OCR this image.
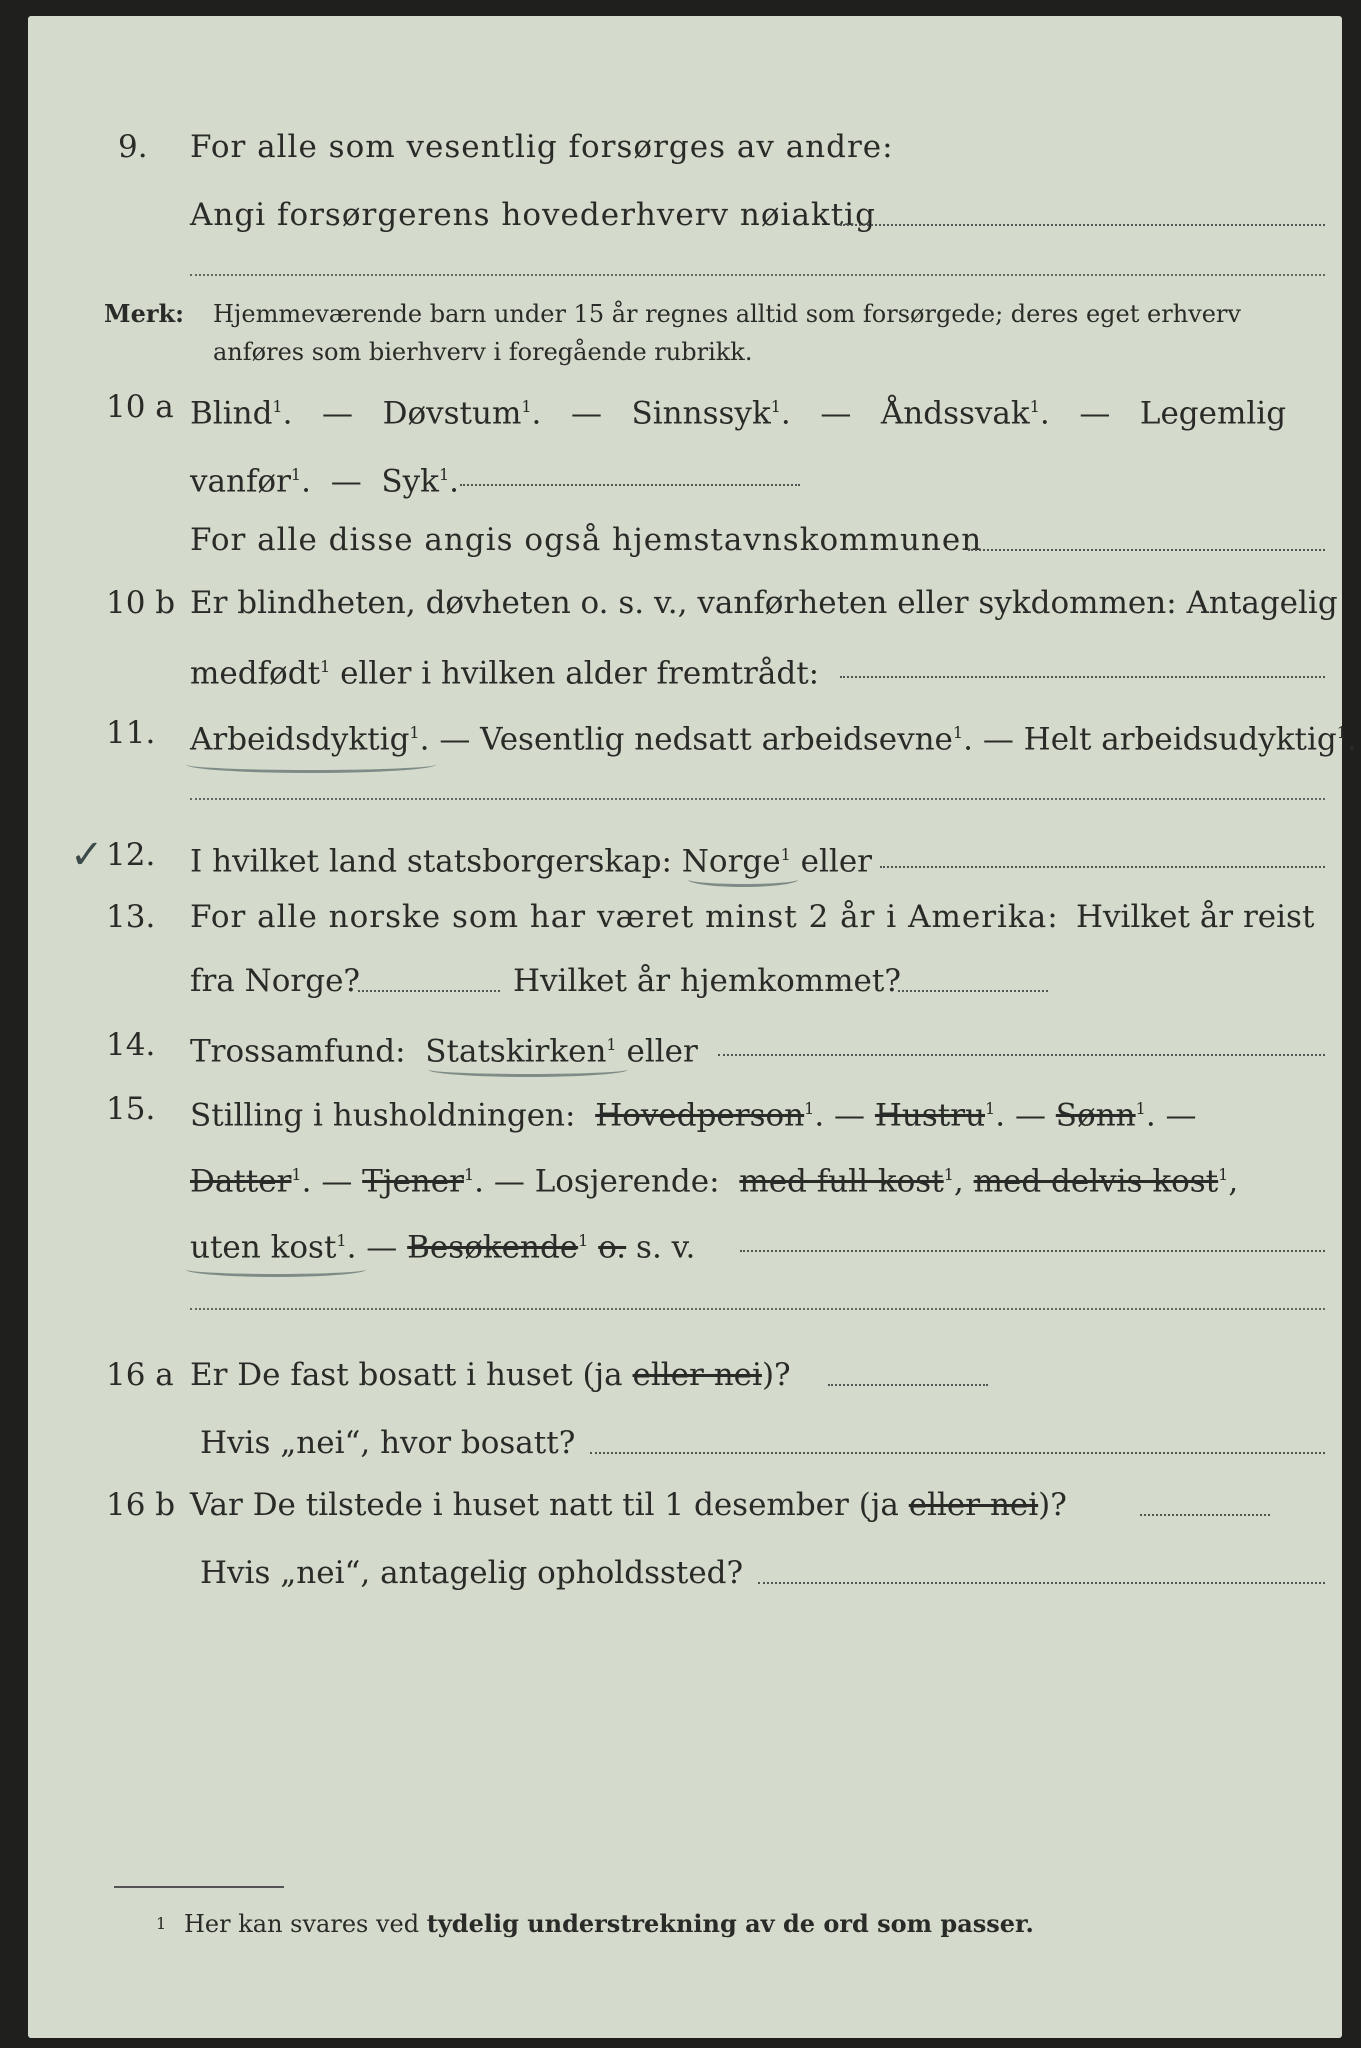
9.	For alle som vesentlig forsørges av andre:
Angi forsørgerens hovederhverv nøiaktig
Merk: Hjemmeværende barn under 15 år regnes alltid som forsørgede; deres eget erhverv
anføres som bierhverv i foregående rubrikk.
10 a Blind$^1$. — Døvstum$^1$. — Sinnssyk$^1$. — Åndssvak$^1$. — Legemlig
vanfør$^1$. — Syk$^1$.
For alle disse angis også hjemstavnskommunen
10 b Er blindheten, døvheten o. s. v., vanførheten eller sykdommen: Antagelig
medfødt$^1$ eller i hvilken alder fremtrådt:
11.	Arbeidsdyktig$^1$. — Vesentlig nedsatt arbeidsevne$^1$. — Helt arbeidsudyktig$^1$.
✓ 12.	I hvilket land statsborgerskap: Norge$^1$ eller
13.	For alle norske som har været minst 2 år i Amerika: Hvilket år reist
fra Norge?	Hvilket år hjemkommet?
14.	Trossamfund: Statskirken$^1$ eller
15.	Stilling i husholdningen: Hovedperson$^1$. — Hustru$^1$. — Sønn$^1$. —
Datter$^1$. — Tjener$^1$. — Losjerende: med full kost$^1$, med delvis kost$^1$,
uten kost$^1$. — Besøkende$^1$ o. s. v.
16 a Er De fast bosatt i huset (ja eller nei)?
Hvis „nei“, hvor bosatt?
16 b Var De tilstede i huset natt til 1 desember (ja eller nei)?
Hvis „nei“, antagelig opholdssted?
1 Her kan svares ved tydelig understrekning av de ord som passer.
